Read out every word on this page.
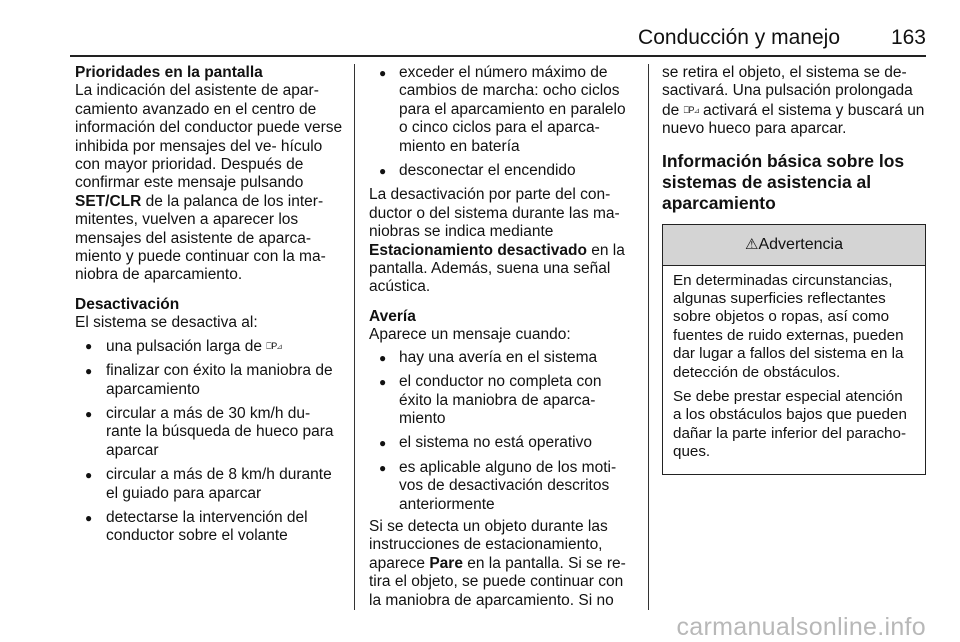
Conducción y manejo 163

Prioridades en la pantalla

La indicación del asistente de apar- camiento avanzado en el centro de información del conductor puede verse inhibida por mensajes del ve- hículo con mayor prioridad. Después de confirmar este mensaje pulsando SET/CLR de la palanca de los inter- mitentes, vuelven a aparecer los mensajes del asistente de aparca- miento y puede continuar con la ma- niobra de aparcamiento.

Desactivación

El sistema se desactiva al:

● una pulsación larga de ⎕P⊿
● finalizar con éxito la maniobra de aparcamiento
● circular a más de 30 km/h du- rante la búsqueda de hueco para aparcar
● circular a más de 8 km/h durante el guiado para aparcar
● detectarse la intervención del conductor sobre el volante
● exceder el número máximo de cambios de marcha: ocho ciclos para el aparcamiento en paralelo o cinco ciclos para el aparca- miento en batería
● desconectar el encendido

La desactivación por parte del con- ductor o del sistema durante las ma- niobras se indica mediante
Estacionamiento desactivado en la pantalla. Además, suena una señal acústica.

Avería

Aparece un mensaje cuando:

● hay una avería en el sistema
● el conductor no completa con éxito la maniobra de aparca- miento
● el sistema no está operativo
● es aplicable alguno de los moti- vos de desactivación descritos anteriormente

Si se detecta un objeto durante las instrucciones de estacionamiento, aparece Pare en la pantalla. Si se re- tira el objeto, se puede continuar con la maniobra de aparcamiento. Si no

se retira el objeto, el sistema se de- sactivará. Una pulsación prolongada de ⎕P⊿ activará el sistema y buscará un nuevo hueco para aparcar.

Información básica sobre los sistemas de asistencia al aparcamiento

⚠Advertencia

En determinadas circunstancias, algunas superficies reflectantes sobre objetos o ropas, así como fuentes de ruido externas, pueden dar lugar a fallos del sistema en la detección de obstáculos.

Se debe prestar especial atención a los obstáculos bajos que pueden dañar la parte inferior del paracho- ques.

carmanualsonline.info
